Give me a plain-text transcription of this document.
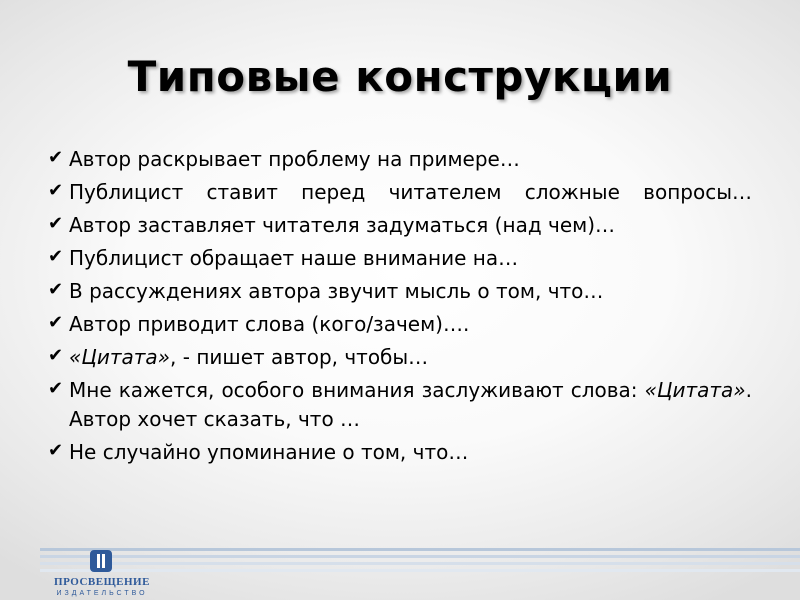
Типовые конструкции
✔ Автор раскрывает проблему на примере…
✔ Публицист ставит перед читателем сложные вопросы…
✔ Автор заставляет читателя задуматься (над чем)…
✔ Публицист обращает наше внимание на…
✔ В рассуждениях автора звучит мысль о том, что…
✔ Автор приводит слова (кого/зачем)….
✔ «Цитата», - пишет автор, чтобы…
✔ Мне кажется, особого внимания заслуживают слова: «Цитата». Автор хочет сказать, что …
✔ Не случайно упоминание о том, что…
ПРОСВЕЩЕНИЕ
ИЗДАТЕЛЬСТВО
